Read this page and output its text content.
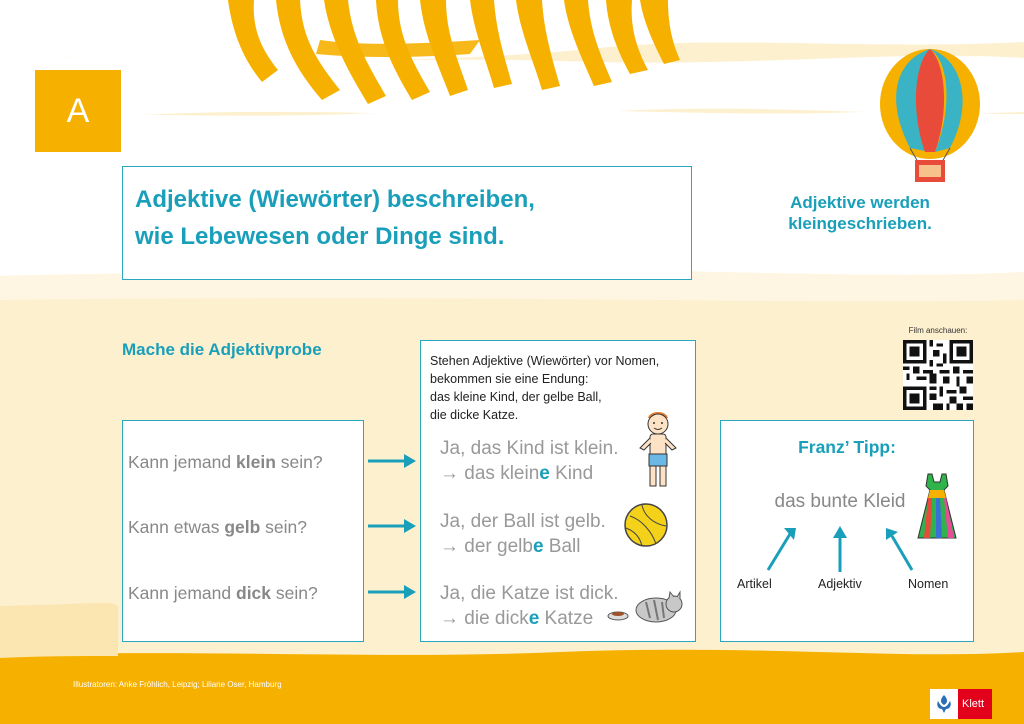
A
Adjektive (Wiewörter) beschreiben,
wie Lebewesen oder Dinge sind.
Adjektive werden
kleingeschrieben.
Film anschauen:
Mache die Adjektivprobe
Kann jemand klein sein?
Kann etwas gelb sein?
Kann jemand dick sein?
Stehen Adjektive (Wiewörter) vor Nomen,
bekommen sie eine Endung:
das kleine Kind, der gelbe Ball,
die dicke Katze.
Ja, das Kind ist klein.
→ das kleine Kind
Ja, der Ball ist gelb.
→ der gelbe Ball
Ja, die Katze ist dick.
→ die dicke Katze
Franz’ Tipp:
das bunte Kleid
Artikel	Adjektiv	Nomen
Illustratoren: Anke Fröhlich, Leipzig; Liliane Oser, Hamburg
Klett
